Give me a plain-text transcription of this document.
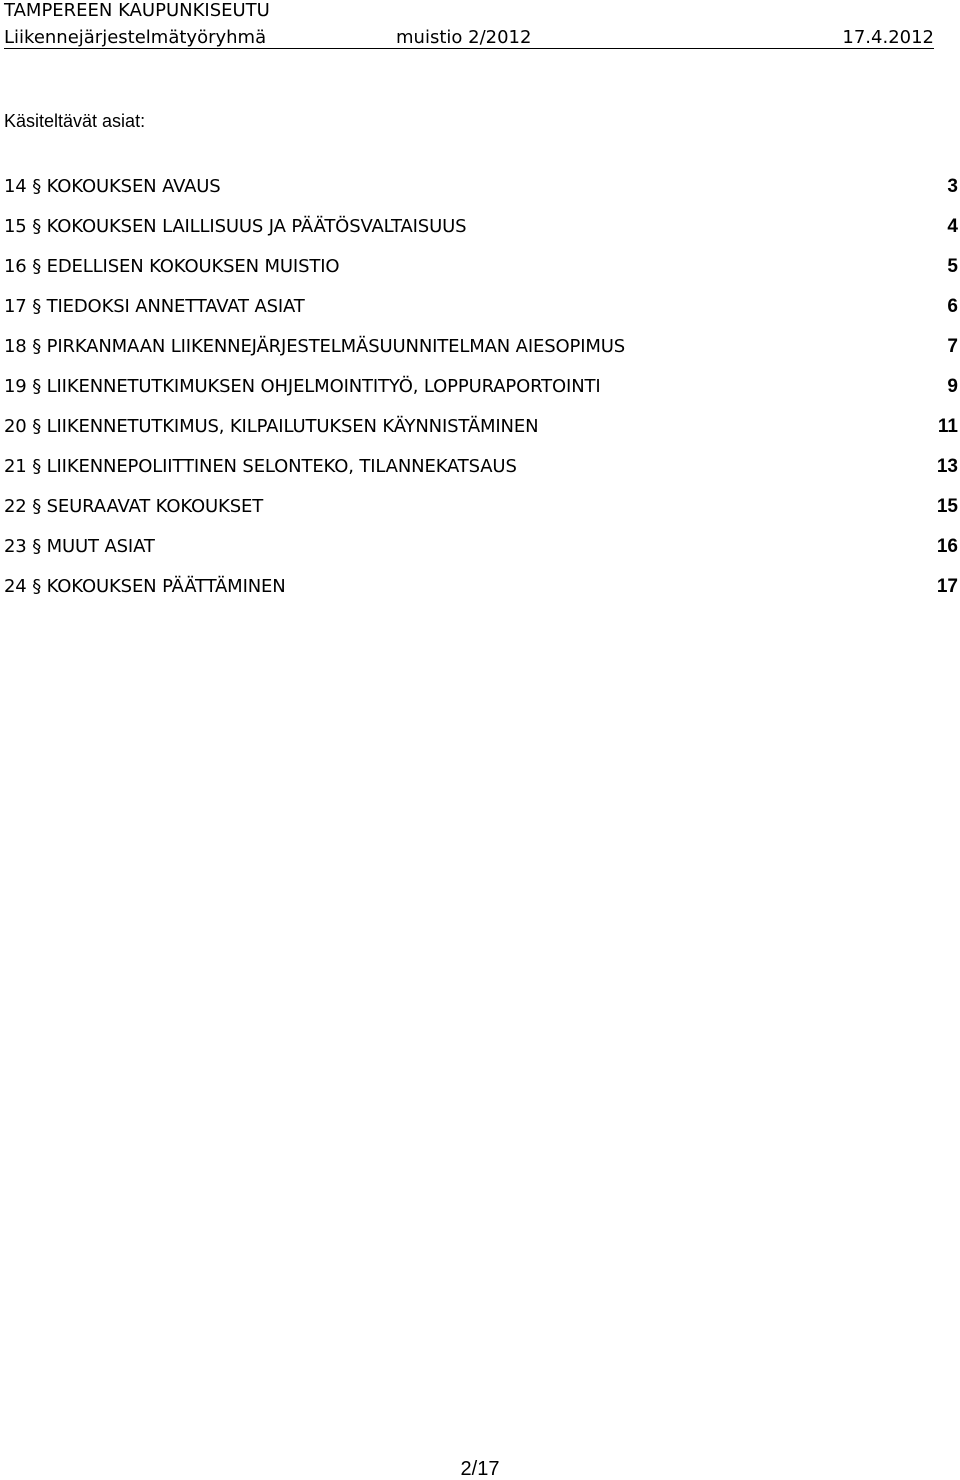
TAMPEREEN KAUPUNKISEUTU
Liikennejärjestelmätyöryhmä	muistio 2/2012	17.4.2012
Käsiteltävät asiat:
14 § KOKOUKSEN AVAUS	3
15 § KOKOUKSEN LAILLISUUS JA PÄÄTÖSVALTAISUUS	4
16 § EDELLISEN KOKOUKSEN MUISTIO	5
17 § TIEDOKSI ANNETTAVAT ASIAT	6
18 § PIRKANMAAN LIIKENNEJÄRJESTELMÄSUUNNITELMAN AIESOPIMUS	7
19 § LIIKENNETUTKIMUKSEN OHJELMOINTITYÖ, LOPPURAPORTOINTI	9
20 § LIIKENNETUTKIMUS, KILPAILUTUKSEN KÄYNNISTÄMINEN	11
21 § LIIKENNEPOLIITTINEN SELONTEKO, TILANNEKATSAUS	13
22 § SEURAAVAT KOKOUKSET	15
23 § MUUT ASIAT	16
24 § KOKOUKSEN PÄÄTTÄMINEN	17
2/17
